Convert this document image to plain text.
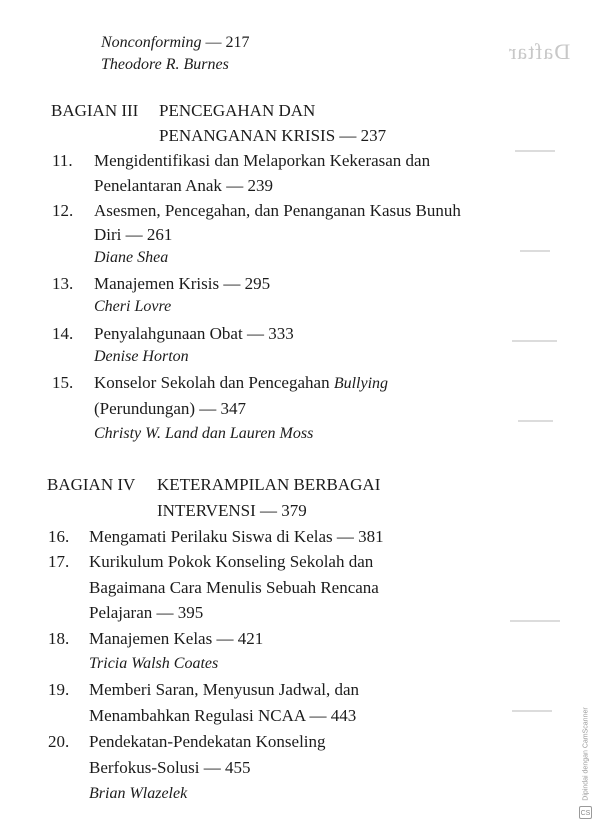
Daftar
Nonconforming — 217
Theodore R. Burnes
BAGIAN III PENCEGAHAN DAN
PENANGANAN KRISIS — 237
11. Mengidentifikasi dan Melaporkan Kekerasan dan
Penelantaran Anak — 239
12. Asesmen, Pencegahan, dan Penanganan Kasus Bunuh
Diri — 261
Diane Shea
13. Manajemen Krisis — 295
Cheri Lovre
14. Penyalahgunaan Obat — 333
Denise Horton
15. Konselor Sekolah dan Pencegahan Bullying
(Perundungan) — 347
Christy W. Land dan Lauren Moss
BAGIAN IV KETERAMPILAN BERBAGAI
INTERVENSI — 379
16. Mengamati Perilaku Siswa di Kelas — 381
17. Kurikulum Pokok Konseling Sekolah dan
Bagaimana Cara Menulis Sebuah Rencana
Pelajaran — 395
18. Manajemen Kelas — 421
Tricia Walsh Coates
19. Memberi Saran, Menyusun Jadwal, dan
Menambahkan Regulasi NCAA — 443
20. Pendekatan-Pendekatan Konseling
Berfokus-Solusi — 455
Brian Wlazelek	Dipindai dengan CamScanner
CS
